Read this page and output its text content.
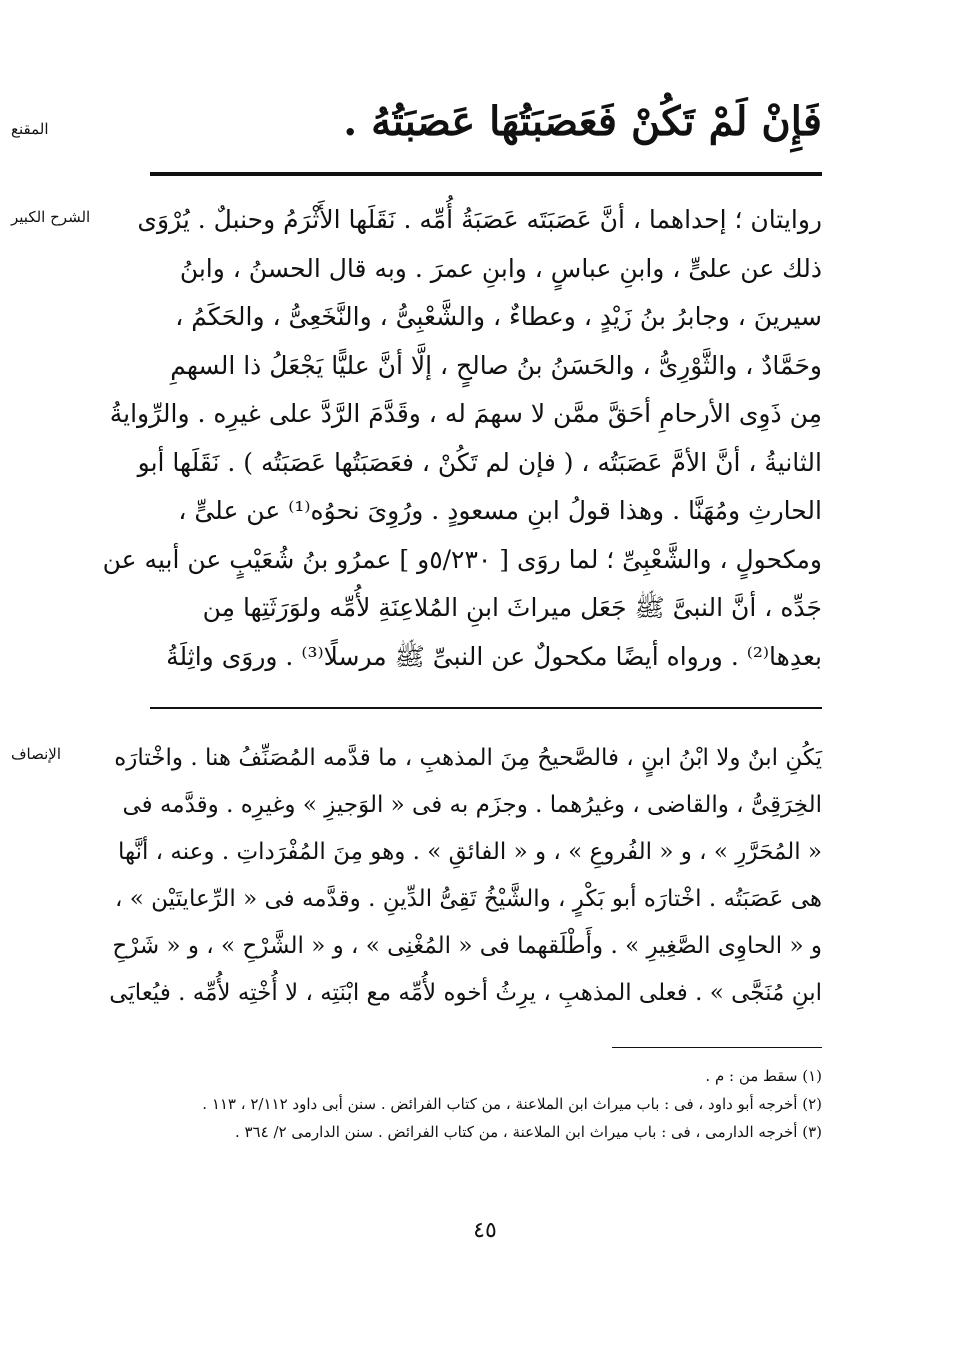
فَإِنْ لَمْ تَكُنْ فَعَصَبَتُهَا عَصَبَتُهُ .
المقنع
الشرح الكبير	روايتان ؛ إحداهما ، أنَّ عَصَبَتَه عَصَبَةُ أُمِّه . نَقَلَها الأَثْرَمُ وحنبلٌ . يُرْوَى
ذلك عن علىٍّ ، وابنِ عباسٍ ، وابنِ عمرَ . وبه قال الحسنُ ، وابنُ
سيرينَ ، وجابرُ بنُ زَيْدٍ ، وعطاءٌ ، والشَّعْبِىُّ ، والنَّخَعِىُّ ، والحَكَمُ ،
وحَمَّادٌ ، والثَّوْرِىُّ ، والحَسَنُ بنُ صالحٍ ، إلَّا أنَّ عليًّا يَجْعَلُ ذا السهمِ
مِن ذَوِى الأرحامِ أحَقَّ ممَّن لا سهمَ له ، وقَدَّمَ الرَّدَّ على غيرِه . والرِّوايةُ
الثانيةُ ، أنَّ الأمَّ عَصَبَتُه ، ( فإن لم تَكُنْ ، فعَصَبَتُها عَصَبَتُه ) . نَقَلَها أبو
الحارثِ ومُهَنَّا . وهذا قولُ ابنِ مسعودٍ . ورُوِىَ نحوُه⁽¹⁾ عن علىٍّ ،
ومكحولٍ ، والشَّعْبِىِّ ؛ لما روَى [ ٥/٢٣٠و ] عمرُو بنُ شُعَيْبٍ عن أبيه عن
جَدِّه ، أنَّ النبىَّ ﷺ جَعَل ميراثَ ابنِ المُلاعِنَةِ لأُمِّه ولوَرَثَتِها مِن
بعدِها⁽²⁾ . ورواه أيضًا مكحولٌ عن النبىِّ ﷺ مرسلًا⁽³⁾ . وروَى واثِلَةُ
الإنصاف	يَكُنِ ابنٌ ولا ابْنُ ابنٍ ، فالصَّحيحُ مِنَ المذهبِ ، ما قدَّمه المُصَنِّفُ هنا . واخْتارَه
الخِرَقِىُّ ، والقاضى ، وغيرُهما . وجزَم به فى « الوَجيزِ » وغيرِه . وقدَّمه فى
« المُحَرَّرِ » ، و « الفُروعِ » ، و « الفائقِ » . وهو مِنَ المُفْرَداتِ . وعنه ، أنَّها
هى عَصَبَتُه . اخْتارَه أبو بَكْرٍ ، والشَّيْخُ تَقِىُّ الدِّينِ . وقدَّمه فى « الرِّعايتَيْن » ،
و « الحاوِى الصَّغِيرِ » . وأَطْلَقهما فى « المُغْنِى » ، و « الشَّرْحِ » ، و « شَرْحِ
ابنِ مُنَجَّى » . فعلى المذهبِ ، يرِثُ أخوه لأُمِّه مع ابْنَتِه ، لا أُخْتِه لأُمِّه . فيُعايَى
(١) سقط من : م .
(٢) أخرجه أبو داود ، فى : باب ميراث ابن الملاعنة ، من كتاب الفرائض . سنن أبى داود ٢/١١٢ ، ١١٣ .
(٣) أخرجه الدارمى ، فى : باب ميراث ابن الملاعنة ، من كتاب الفرائض . سنن الدارمى ٢/ ٣٦٤ .
٤٥
